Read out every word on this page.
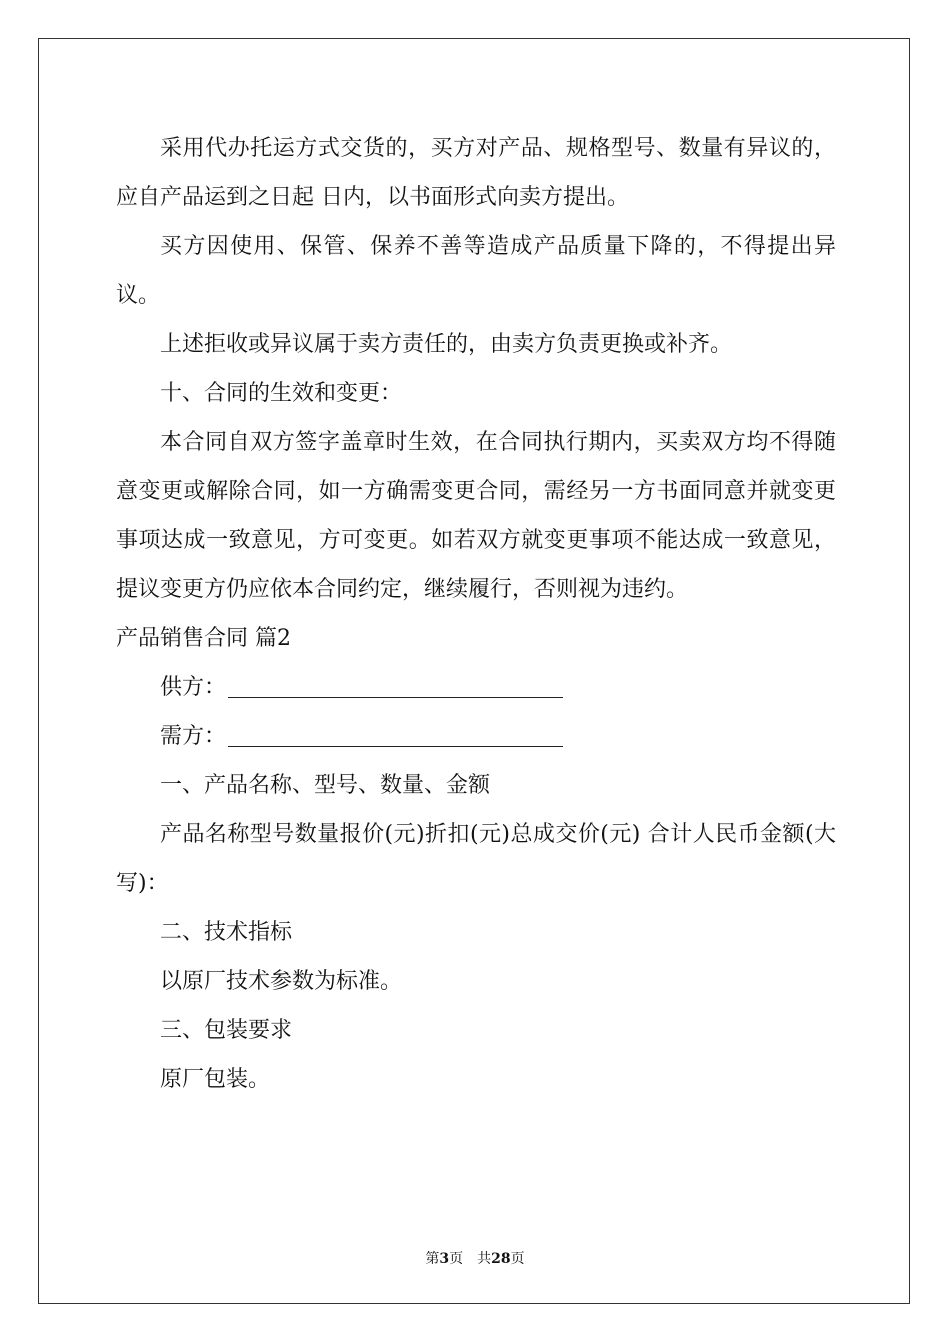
采用代办托运方式交货的，买方对产品、规格型号、数量有异议的，应自产品运到之日起 日内，以书面形式向卖方提出。

买方因使用、保管、保养不善等造成产品质量下降的，不得提出异议。

上述拒收或异议属于卖方责任的，由卖方负责更换或补齐。

十、合同的生效和变更：

本合同自双方签字盖章时生效，在合同执行期内，买卖双方均不得随意变更或解除合同，如一方确需变更合同，需经另一方书面同意并就变更事项达成一致意见，方可变更。如若双方就变更事项不能达成一致意见，提议变更方仍应依本合同约定，继续履行，否则视为违约。

产品销售合同 篇2

供方：

需方：

一、产品名称、型号、数量、金额

产品名称型号数量报价(元)折扣(元)总成交价(元) 合计人民币金额(大写)：

二、技术指标

以原厂技术参数为标准。

三、包装要求

原厂包装。

第3页 共28页
